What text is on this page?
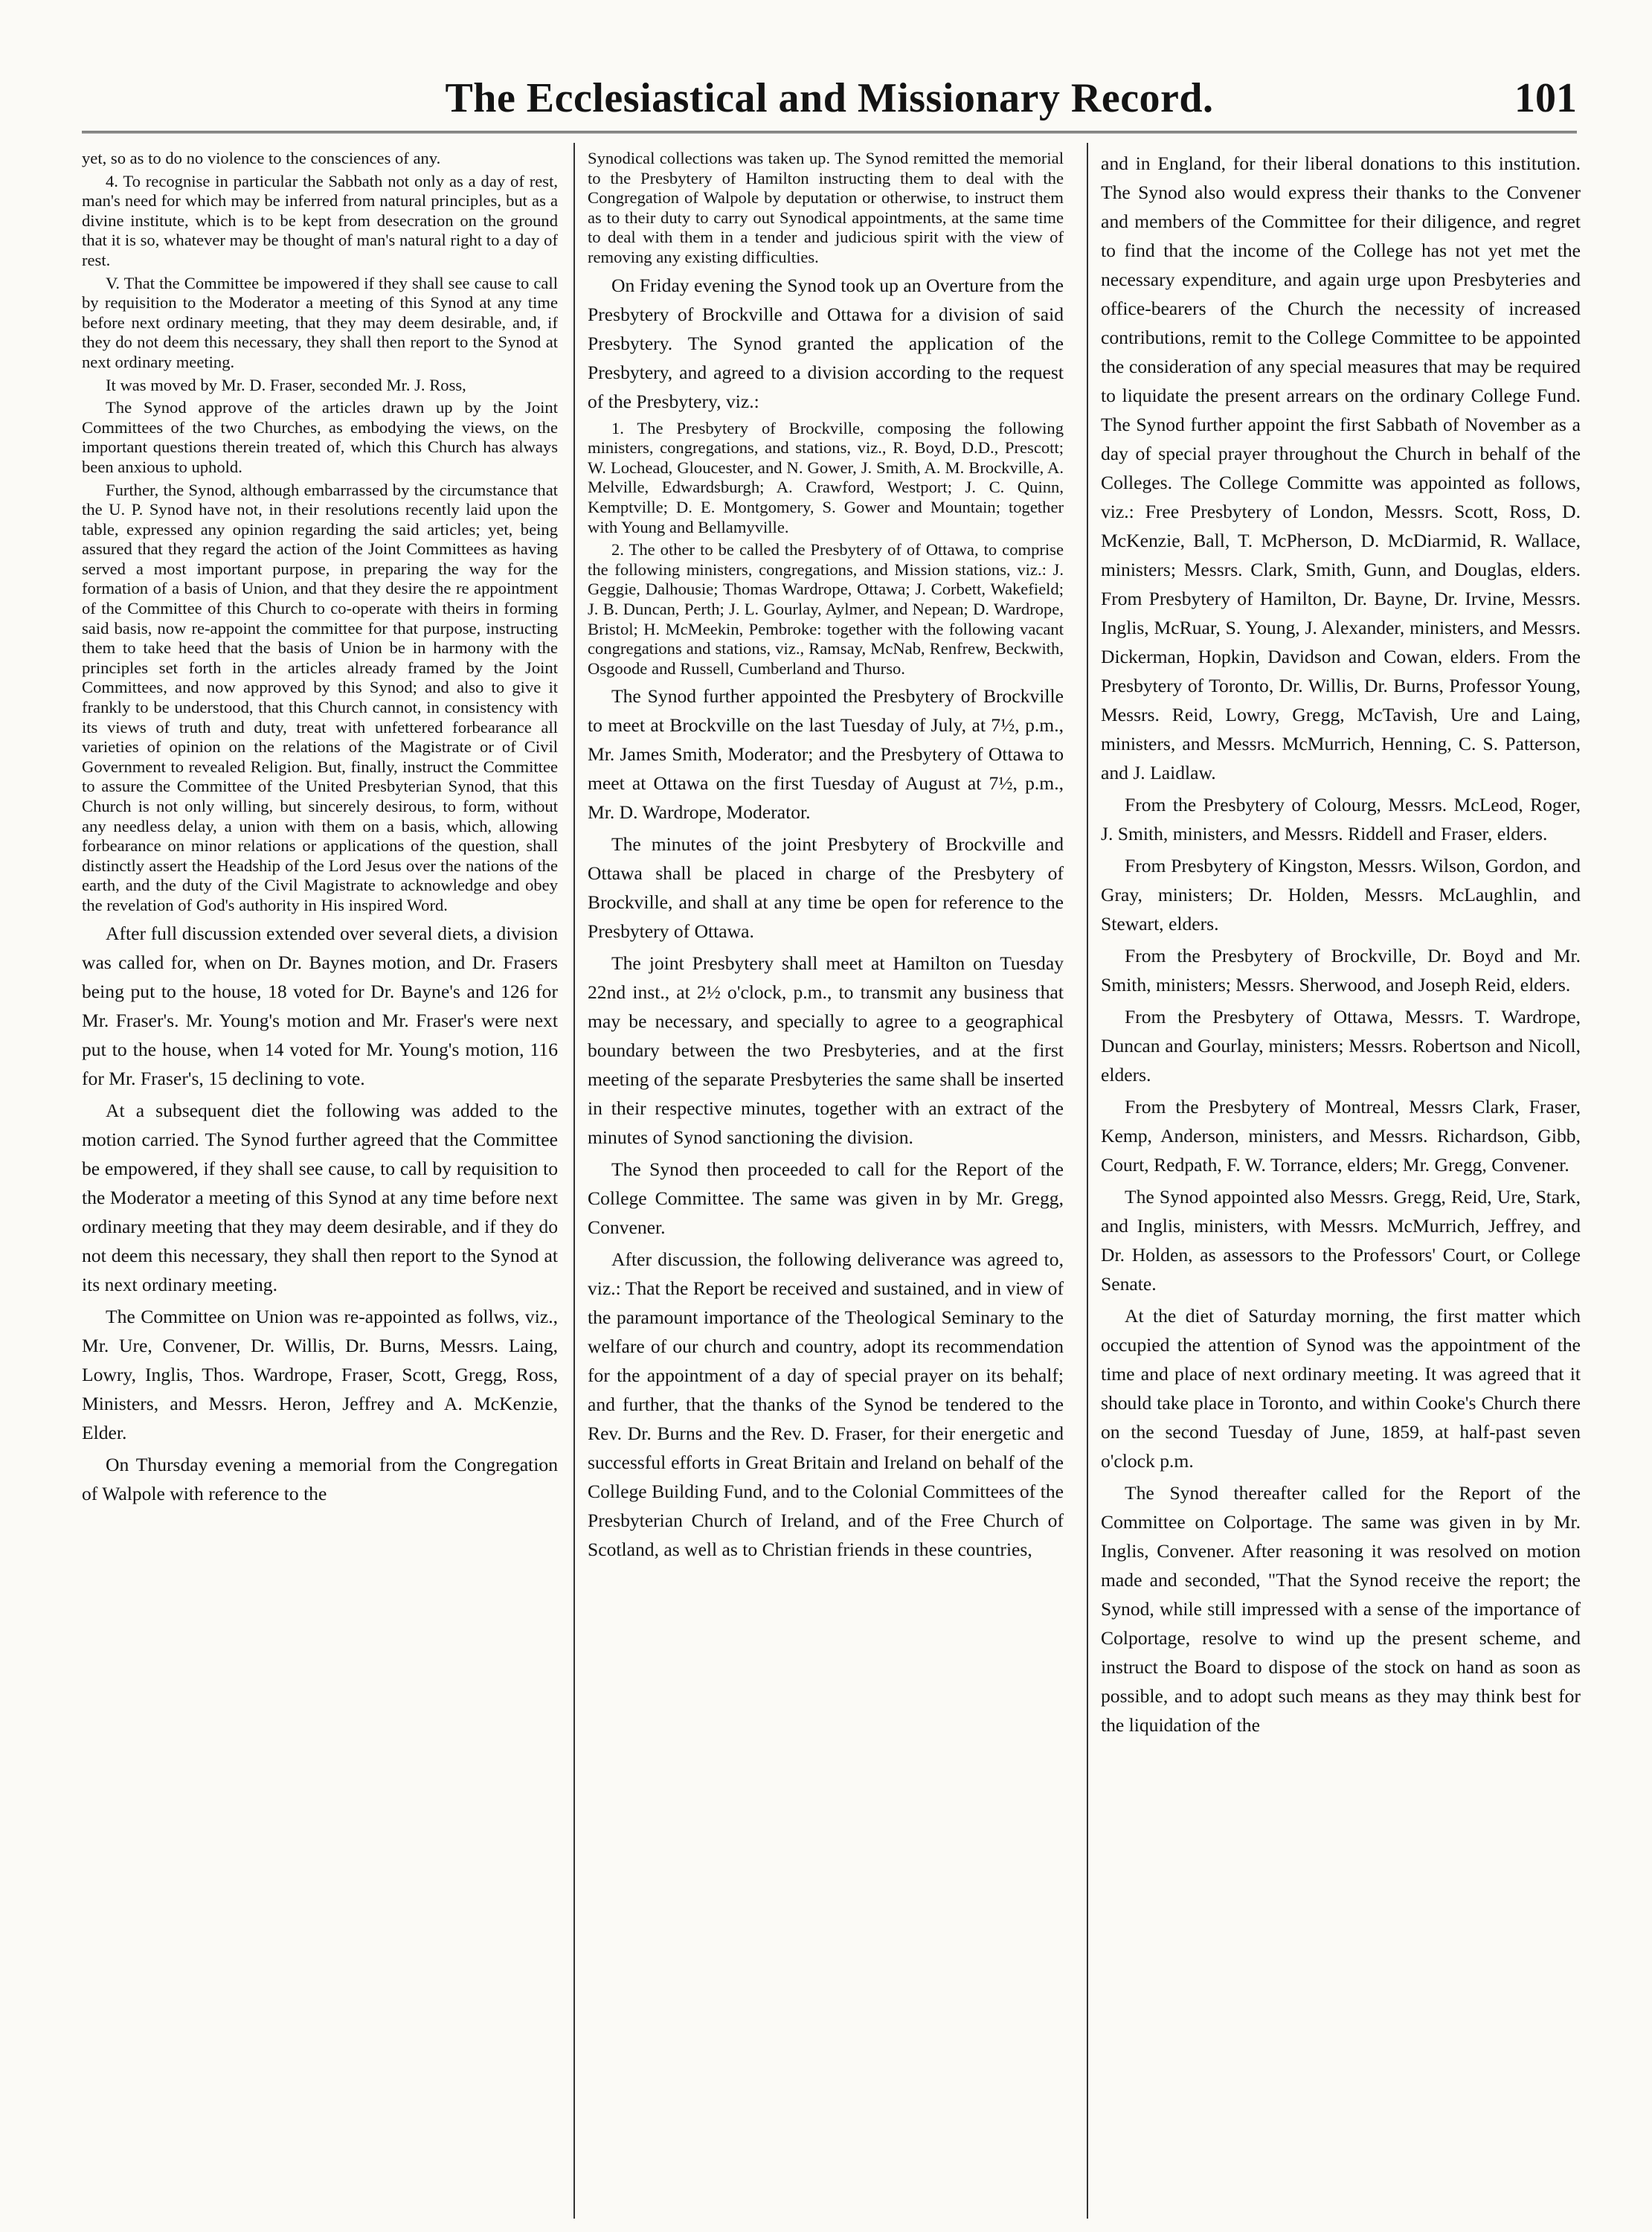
The Ecclesiastical and Missionary Record.	101

yet, so as to do no violence to the consciences of any.

4. To recognise in particular the Sabbath not only as a day of rest, man's need for which may be inferred from natural principles, but as a divine institute, which is to be kept from desecration on the ground that it is so, whatever may be thought of man's natural right to a day of rest.

V. That the Committee be impowered if they shall see cause to call by requisition to the Moderator a meeting of this Synod at any time before next ordinary meeting, that they may deem desirable, and, if they do not deem this necessary, they shall then report to the Synod at next ordinary meeting.

It was moved by Mr. D. Fraser, seconded Mr. J. Ross,

The Synod approve of the articles drawn up by the Joint Committees of the two Churches, as embodying the views, on the important questions therein treated of, which this Church has always been anxious to uphold.

Further, the Synod, although embarrassed by the circumstance that the U. P. Synod have not, in their resolutions recently laid upon the table, expressed any opinion regarding the said articles; yet, being assured that they regard the action of the Joint Committees as having served a most important purpose, in preparing the way for the formation of a basis of Union, and that they desire the re appointment of the Committee of this Church to co-operate with theirs in forming said basis, now re-appoint the committee for that purpose, instructing them to take heed that the basis of Union be in harmony with the principles set forth in the articles already framed by the Joint Committees, and now approved by this Synod; and also to give it frankly to be understood, that this Church cannot, in consistency with its views of truth and duty, treat with unfettered forbearance all varieties of opinion on the relations of the Magistrate or of Civil Government to revealed Religion. But, finally, instruct the Committee to assure the Committee of the United Presbyterian Synod, that this Church is not only willing, but sincerely desirous, to form, without any needless delay, a union with them on a basis, which, allowing forbearance on minor relations or applications of the question, shall distinctly assert the Headship of the Lord Jesus over the nations of the earth, and the duty of the Civil Magistrate to acknowledge and obey the revelation of God's authority in His inspired Word.

After full discussion extended over several diets, a division was called for, when on Dr. Baynes motion, and Dr. Frasers being put to the house, 18 voted for Dr. Bayne's and 126 for Mr. Fraser's. Mr. Young's motion and Mr. Fraser's were next put to the house, when 14 voted for Mr. Young's motion, 116 for Mr. Fraser's, 15 declining to vote.

At a subsequent diet the following was added to the motion carried. The Synod further agreed that the Committee be empowered, if they shall see cause, to call by requisition to the Moderator a meeting of this Synod at any time before next ordinary meeting that they may deem desirable, and if they do not deem this necessary, they shall then report to the Synod at its next ordinary meeting.

The Committee on Union was re-appointed as follws, viz., Mr. Ure, Convener, Dr. Willis, Dr. Burns, Messrs. Laing, Lowry, Inglis, Thos. Wardrope, Fraser, Scott, Gregg, Ross, Ministers, and Messrs. Heron, Jeffrey and A. McKenzie, Elder.

On Thursday evening a memorial from the Congregation of Walpole with reference to the

Synodical collections was taken up. The Synod remitted the memorial to the Presbytery of Hamilton instructing them to deal with the Congregation of Walpole by deputation or otherwise, to instruct them as to their duty to carry out Synodical appointments, at the same time to deal with them in a tender and judicious spirit with the view of removing any existing difficulties.

On Friday evening the Synod took up an Overture from the Presbytery of Brockville and Ottawa for a division of said Presbytery. The Synod granted the application of the Presbytery, and agreed to a division according to the request of the Presbytery, viz.:

1. The Presbytery of Brockville, composing the following ministers, congregations, and stations, viz., R. Boyd, D.D., Prescott; W. Lochead, Gloucester, and N. Gower, J. Smith, A. M. Brockville, A. Melville, Edwardsburgh; A. Crawford, Westport; J. C. Quinn, Kemptville; D. E. Montgomery, S. Gower and Mountain; together with Young and Bellamyville.

2. The other to be called the Presbytery of of Ottawa, to comprise the following ministers, congregations, and Mission stations, viz.: J. Geggie, Dalhousie; Thomas Wardrope, Ottawa; J. Corbett, Wakefield; J. B. Duncan, Perth; J. L. Gourlay, Aylmer, and Nepean; D. Wardrope, Bristol; H. McMeekin, Pembroke: together with the following vacant congregations and stations, viz., Ramsay, McNab, Renfrew, Beckwith, Osgoode and Russell, Cumberland and Thurso.

The Synod further appointed the Presbytery of Brockville to meet at Brockville on the last Tuesday of July, at 7½, p.m., Mr. James Smith, Moderator; and the Presbytery of Ottawa to meet at Ottawa on the first Tuesday of August at 7½, p.m., Mr. D. Wardrope, Moderator.

The minutes of the joint Presbytery of Brockville and Ottawa shall be placed in charge of the Presbytery of Brockville, and shall at any time be open for reference to the Presbytery of Ottawa.

The joint Presbytery shall meet at Hamilton on Tuesday 22nd inst., at 2½ o'clock, p.m., to transmit any business that may be necessary, and specially to agree to a geographical boundary between the two Presbyteries, and at the first meeting of the separate Presbyteries the same shall be inserted in their respective minutes, together with an extract of the minutes of Synod sanctioning the division.

The Synod then proceeded to call for the Report of the College Committee. The same was given in by Mr. Gregg, Convener.

After discussion, the following deliverance was agreed to, viz.: That the Report be received and sustained, and in view of the paramount importance of the Theological Seminary to the welfare of our church and country, adopt its recommendation for the appointment of a day of special prayer on its behalf; and further, that the thanks of the Synod be tendered to the Rev. Dr. Burns and the Rev. D. Fraser, for their energetic and successful efforts in Great Britain and Ireland on behalf of the College Building Fund, and to the Colonial Committees of the Presbyterian Church of Ireland, and of the Free Church of Scotland, as well as to Christian friends in these countries,

and in England, for their liberal donations to this institution. The Synod also would express their thanks to the Convener and members of the Committee for their diligence, and regret to find that the income of the College has not yet met the necessary expenditure, and again urge upon Presbyteries and office-bearers of the Church the necessity of increased contributions, remit to the College Committee to be appointed the consideration of any special measures that may be required to liquidate the present arrears on the ordinary College Fund. The Synod further appoint the first Sabbath of November as a day of special prayer throughout the Church in behalf of the Colleges. The College Committe was appointed as follows, viz.: Free Presbytery of London, Messrs. Scott, Ross, D. McKenzie, Ball, T. McPherson, D. McDiarmid, R. Wallace, ministers; Messrs. Clark, Smith, Gunn, and Douglas, elders. From Presbytery of Hamilton, Dr. Bayne, Dr. Irvine, Messrs. Inglis, McRuar, S. Young, J. Alexander, ministers, and Messrs. Dickerman, Hopkin, Davidson and Cowan, elders. From the Presbytery of Toronto, Dr. Willis, Dr. Burns, Professor Young, Messrs. Reid, Lowry, Gregg, McTavish, Ure and Laing, ministers, and Messrs. McMurrich, Henning, C. S. Patterson, and J. Laidlaw.

From the Presbytery of Colourg, Messrs. McLeod, Roger, J. Smith, ministers, and Messrs. Riddell and Fraser, elders.

From Presbytery of Kingston, Messrs. Wilson, Gordon, and Gray, ministers; Dr. Holden, Messrs. McLaughlin, and Stewart, elders.

From the Presbytery of Brockville, Dr. Boyd and Mr. Smith, ministers; Messrs. Sherwood, and Joseph Reid, elders.

From the Presbytery of Ottawa, Messrs. T. Wardrope, Duncan and Gourlay, ministers; Messrs. Robertson and Nicoll, elders.

From the Presbytery of Montreal, Messrs Clark, Fraser, Kemp, Anderson, ministers, and Messrs. Richardson, Gibb, Court, Redpath, F. W. Torrance, elders; Mr. Gregg, Convener.

The Synod appointed also Messrs. Gregg, Reid, Ure, Stark, and Inglis, ministers, with Messrs. McMurrich, Jeffrey, and Dr. Holden, as assessors to the Professors' Court, or College Senate.

At the diet of Saturday morning, the first matter which occupied the attention of Synod was the appointment of the time and place of next ordinary meeting. It was agreed that it should take place in Toronto, and within Cooke's Church there on the second Tuesday of June, 1859, at half-past seven o'clock p.m.

The Synod thereafter called for the Report of the Committee on Colportage. The same was given in by Mr. Inglis, Convener. After reasoning it was resolved on motion made and seconded, "That the Synod receive the report; the Synod, while still impressed with a sense of the importance of Colportage, resolve to wind up the present scheme, and instruct the Board to dispose of the stock on hand as soon as possible, and to adopt such means as they may think best for the liquidation of the
